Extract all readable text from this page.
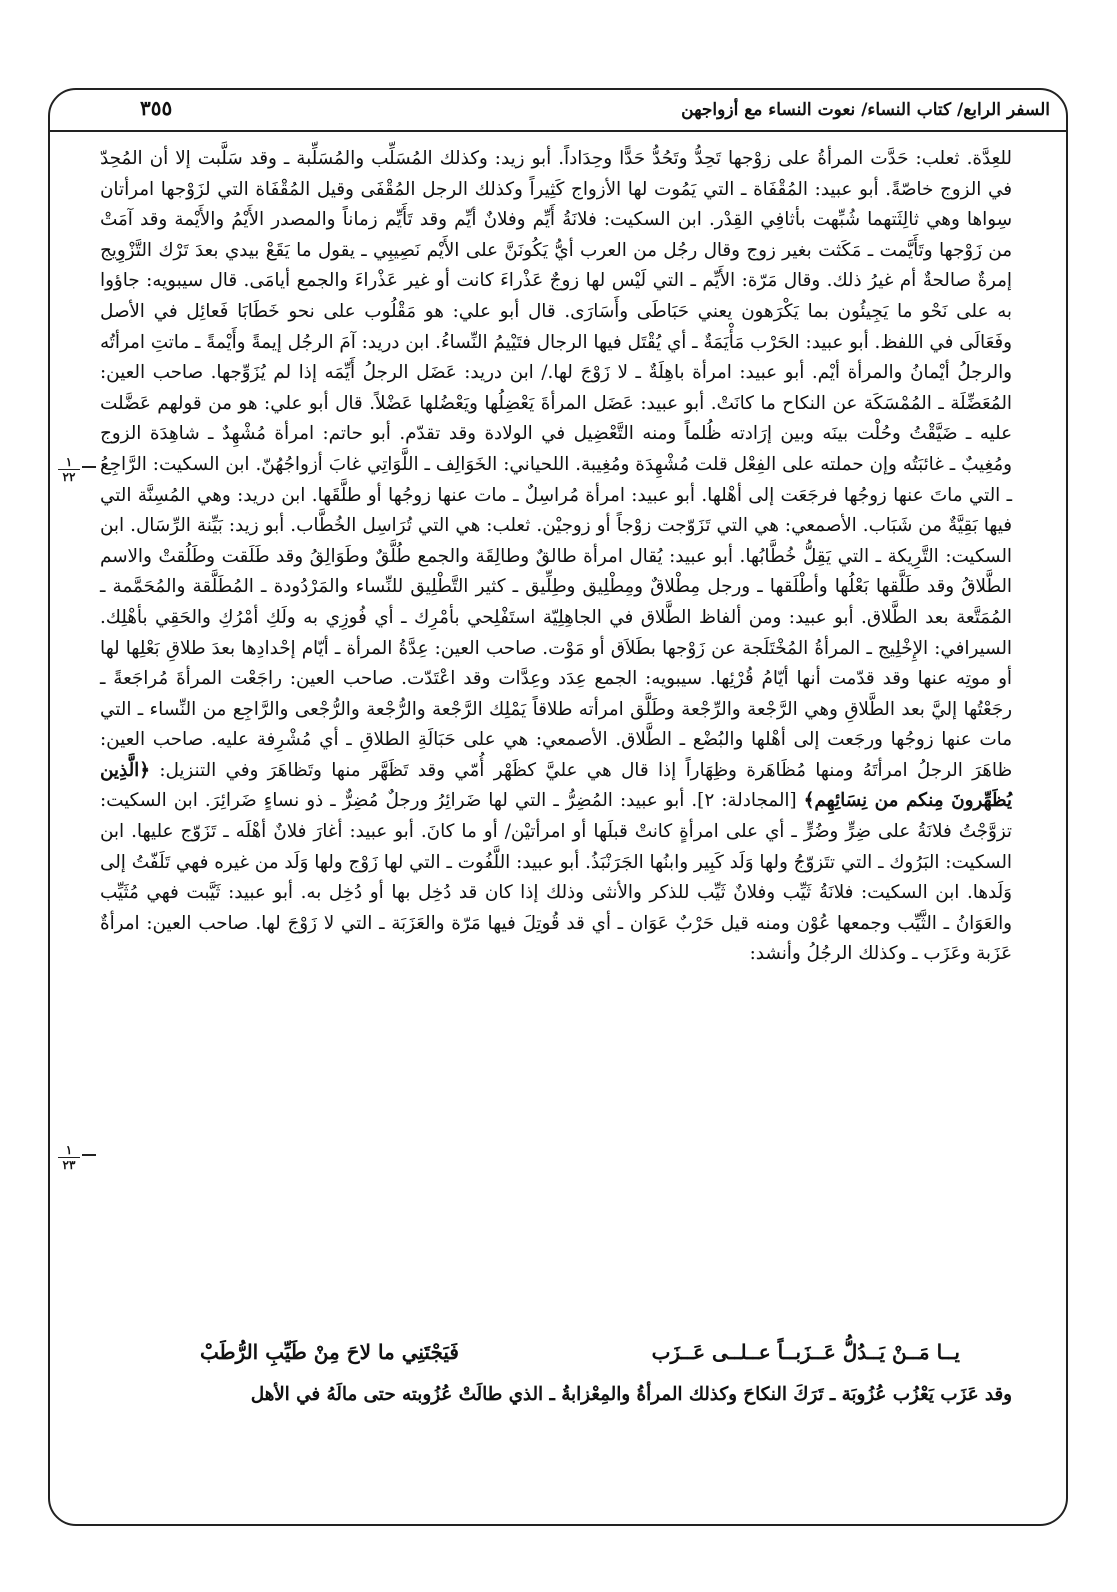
السفر الرابع/ كتاب النساء/ نعوت النساء مع أزواجهن
٣٥٥
١
٢٢
١
٢٣

للعِدَّة. ثعلب: حَدَّت المرأةُ على زوْجها تَحِدُّ وتَحُدُّ حَدًّا وحِدَاداً. أبو زيد: وكذلك المُسَلِّب والمُسَلِّبة ـ وقد سَلَّبت إلا أن المُحِدّ في الزوج خاصّةً. أبو عبيد: المُقْفَاة ـ التي يَمُوت لها الأزواج كَثِيراً وكذلك الرجل المُقْفَى وقيل المُقْفَاة التي لزَوْجها امرأتان سِواها وهي ثالِثَتهما شُبِّهت بأثافِي القِدْر. ابن السكيت: فلانَةُ أَيِّم وفلانٌ أيِّم وقد تَأَيِّم زماناً والمصدر الأَيْمُ والأَيْمة وقد آمَتْ من زَوْجها وتَأَيَّمت ـ مَكَثت بغير زوج وقال رجُل من العرب أيُّ يَكُونَنَّ على الأَيْم نَصِيبِي ـ يقول ما يَقَعْ بيدي بعدَ تَرْك التَّزْوِيج إمرةٌ صالحةٌ أم غيرُ ذلك. وقال مَرّة: الأَيِّم ـ التي لَيْس لها زوجٌ عَذْراءَ كانت أو غير عَذْراءَ والجمع أيامَى. قال سيبويه: جاؤوا به على نَحْو ما يَجِيئُون بما يَكْرَهون يعني حَبَاطَى وأَسَارَى. قال أبو علي: هو مَقْلُوب على نحو خَطَابَا فَعائِل في الأصل وفَعَالَى في اللفظ. أبو عبيد: الحَرْب مَأْيَمَةٌ ـ أي يُقْتَل فيها الرجال فتَيْيمُ النِّساءُ. ابن دريد: آمَ الرجُل إيمةً وأَيْمةً ـ ماتتِ امرأتُه والرجلُ أيْمانُ والمرأة أيْم. أبو عبيد: امرأة باهِلَةٌ ـ لا زَوْجَ لها./ ابن دريد: عَضَل الرجلُ أَيِّمَه إذا لم يُزَوِّجها. صاحب العين: المُعَضِّلَة ـ المُمْسَكَة عن النكاح ما كانَتْ. أبو عبيد: عَضَل المرأةَ يَعْضِلُها ويَعْضُلها عَضْلاً. قال أبو علي: هو من قولهم عَضَّلت عليه ـ ضَيَّقْتُ وحُلْت بينَه وبين إرَادته ظُلماً ومنه التَّعْضِيل في الولادة وقد تقدّم. أبو حاتم: امرأة مُشْهِدٌ ـ شاهِدَة الزوج ومُغِيبٌ ـ غائبَتُه وإن حملته على الفِعْل قلت مُشْهِدَة ومُغِيبة. اللحياني: الخَوَالِف ـ اللَّوَاتِي غابَ أزواجُهُنّ. ابن السكيت: الرَّاجِعُ ـ التي ماتَ عنها زوجُها فرجَعَت إلى أهْلها. أبو عبيد: امرأة مُراسِلٌ ـ مات عنها زوجُها أو طلَّقَها. ابن دريد: وهي المُسِنَّة التي فيها بَقِيَّةٌ من شَبَاب. الأصمعي: هي التي تَزَوّجت زوْجاً أو زوجيْن. ثعلب: هي التي تُرَاسِل الخُطَّاب. أبو زيد: بَيِّنة الرِّسَال. ابن السكيت: التَّرِيكة ـ التي يَقِلُّ خُطَّابُها. أبو عبيد: يُقال امرأة طالقٌ وطالِقَة والجمع طُلَّقٌ وطَوَالِقُ وقد طَلَقت وطَلُقتْ والاسم الطَّلاقُ وقد طَلَّقها بَعْلُها وأطْلَقها ـ ورجل مِطْلاقٌ ومِطْلِيق وطِلِّيق ـ كثير التَّطْلِيق للنِّساء والمَرْدُودة ـ المُطَلَّقة والمُحَمَّمة ـ المُمَتَّعة بعد الطَّلاق. أبو عبيد: ومن ألفاظ الطَّلاق في الجاهِلِيّة استَفْلِحي بأمْرِك ـ أي فُوزِي به ولَكِ أمْرُكِ والحَقِي بأهْلِك. السيرافي: الإِخْلِيج ـ المرأةُ المُخْتَلَجة عن زَوْجها بطَلاَق أو مَوْت. صاحب العين: عِدَّةُ المرأة ـ أيّام إحْدادِها بعدَ طلاقِ بَعْلِها لها أو موتِه عنها وقد قدّمت أنها أيّامُ قُرْئِها. سيبويه: الجمع عِدَد وعِدَّات وقد اعْتَدّت. صاحب العين: راجَعْت المرأةَ مُراجَعةً ـ رجَعْتُها إليَّ بعد الطَّلاقِ وهي الرَّجْعة والرِّجْعة وطَلَّق امرأته طلاقاً يَمْلِك الرَّجْعة والرُّجْعة والرُّجْعى والرَّاجِع من النِّساء ـ التي مات عنها زوجُها ورجَعت إلى أهْلها والبُضْع ـ الطَّلاق. الأصمعي: هي على حَبَالَةِ الطلاقِ ـ أي مُشْرِفة عليه. صاحب العين: ظاهَرَ الرجلُ امرأتَهُ ومنها مُظَاهَرة وظِهَاراً إذا قال هي عليَّ كظَهْر أُمّي وقد تَظَهَّر منها وتَظاهَرَ وفي التنزيل: ﴿الَّذِين يُظَهِّرونَ مِنكم من نِسَائِهِم﴾ [المجادلة: ٢]. أبو عبيد: المُضِرُّ ـ التي لها ضَرائِرُ ورجلٌ مُضِرٌّ ـ ذو نساءٍ ضَرائِرَ. ابن السكيت: تزوَّجْتُ فلانَةُ على ضِرٍّ وضُرٍّ ـ أي على امرأةٍ كانتْ قبلَها أو امرأتيْن/ أو ما كانَ. أبو عبيد: أغارَ فلانٌ أهْلَه ـ تَزَوّج عليها. ابن السكيت: البَرُوك ـ التي تتَزوّجُ ولها وَلَد كَبِير وابنُها الجَرَنْبَذُ. أبو عبيد: اللَّفُوت ـ التي لها زَوْج ولها وَلَد من غيره فهي تَلَفّتُ إلى وَلَدها. ابن السكيت: فلانَةُ ثَيِّب وفلانٌ ثَيِّب للذكر والأنثى وذلك إذا كان قد دُخِل بها أو دُخِل به. أبو عبيد: ثَيَّبت فهي مُثَيِّب والعَوَانُ ـ الثَّيِّب وجمعها عُوْن ومنه قيل حَرْبٌ عَوَان ـ أي قد قُوتِلَ فيها مَرّة والعَزَبَة ـ التي لا زَوْجَ لها. صاحب العين: امرأةٌ عَزَبة وعَزَب ـ وكذلك الرجُلُ وأنشد:

يــا مَــنْ يَــدُلُّ عَــزَبــاً عــلــى عَــزَب
فَيَجْتَنِي ما لاحَ مِنْ طَيِّبِ الرُّطَبْ
وقد عَزَب يَعْزُب عُزُوبَة ـ تَرَكَ النكاحَ وكذلك المرأةُ والمِعْزابةُ ـ الذي طالَتْ عُزُوبته حتى مالَهُ في الأهل
